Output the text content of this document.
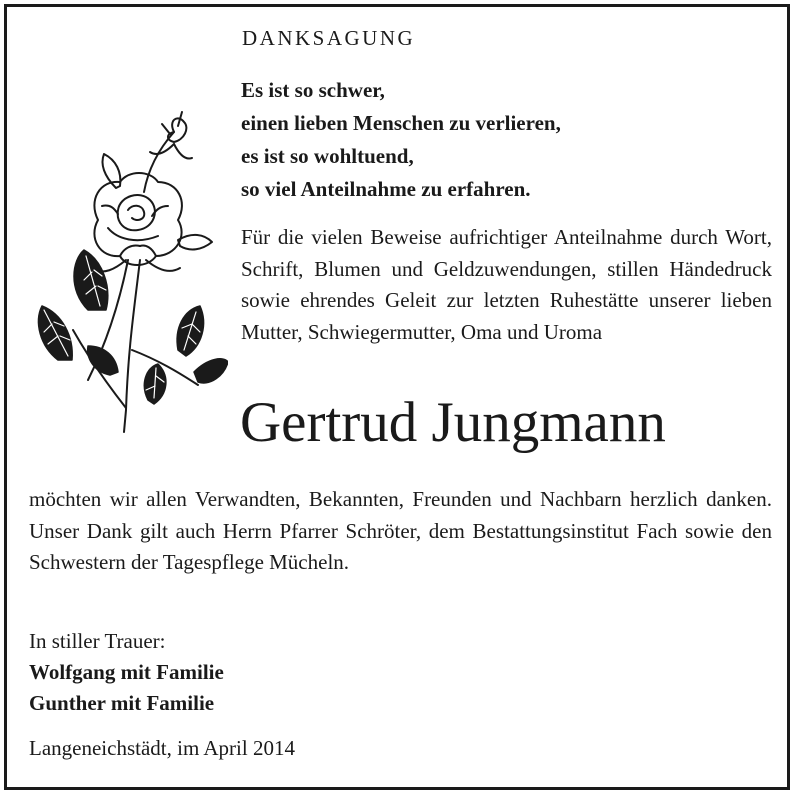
DANKSAGUNG
Es ist so schwer,
einen lieben Menschen zu verlieren,
es ist so wohltuend,
so viel Anteilnahme zu erfahren.
Für die vielen Beweise aufrichtiger Anteilnahme durch Wort, Schrift, Blumen und Geldzuwendungen, stillen Händedruck sowie ehrendes Geleit zur letzten Ruhestätte unserer lieben Mutter, Schwiegermutter, Oma und Uroma
Gertrud Jungmann
möchten wir allen Verwandten, Bekannten, Freunden und Nachbarn herzlich danken. Unser Dank gilt auch Herrn Pfarrer Schröter, dem Bestattungsinstitut Fach sowie den Schwestern der Tagespflege Mücheln.
In stiller Trauer:
Wolfgang mit Familie
Gunther mit Familie
Langeneichstädt, im April 2014
